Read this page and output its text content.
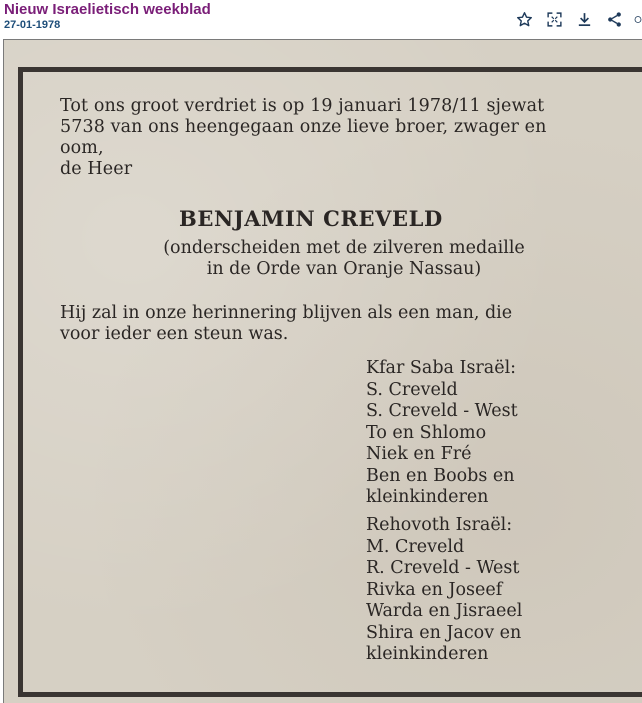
Nieuw Israelietisch weekblad
27-01-1978

Tot ons groot verdriet is op 19 januari 1978/11 sjewat

5738 van ons heengegaan onze lieve broer, zwager en

oom,

de Heer

BENJAMIN CREVELD
(onderscheiden met de zilveren medaille
in de Orde van Oranje Nassau)
Hij zal in onze herinnering blijven als een man, die
voor ieder een steun was.
Kfar Saba Israël:
S. Creveld
S. Creveld - West
To en Shlomo
Niek en Fré
Ben en Boobs en
kleinkinderen
Rehovoth Israël:
M. Creveld
R. Creveld - West
Rivka en Joseef
Warda en Jisraeel
Shira en Jacov en
kleinkinderen
